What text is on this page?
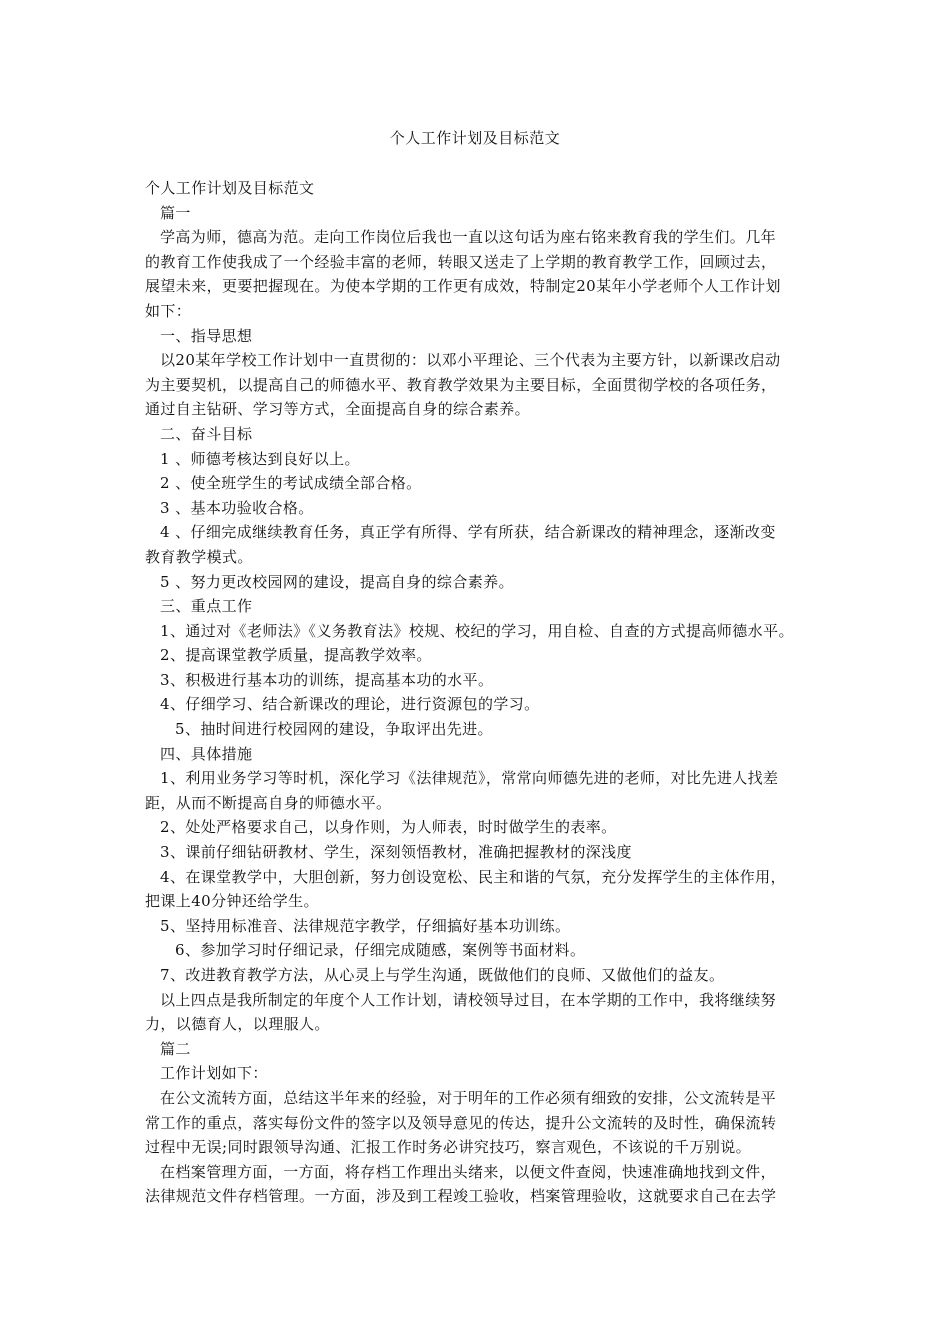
个人工作计划及目标范文
个人工作计划及目标范文
篇一
学高为师，德高为范。走向工作岗位后我也一直以这句话为座右铭来教育我的学生们。几年
的教育工作使我成了一个经验丰富的老师，转眼又送走了上学期的教育教学工作，回顾过去，
展望未来，更要把握现在。为使本学期的工作更有成效，特制定20某年小学老师个人工作计划
如下：
一、指导思想
以20某年学校工作计划中一直贯彻的：以邓小平理论、三个代表为主要方针，以新课改启动
为主要契机，以提高自己的师德水平、教育教学效果为主要目标，全面贯彻学校的各项任务，
通过自主钻研、学习等方式，全面提高自身的综合素养。
二、奋斗目标
1 、师德考核达到良好以上。
2 、使全班学生的考试成绩全部合格。
3 、基本功验收合格。
4 、仔细完成继续教育任务，真正学有所得、学有所获，结合新课改的精神理念，逐渐改变
教育教学模式。
5 、努力更改校园网的建设，提高自身的综合素养。
三、重点工作
1、通过对《老师法》《义务教育法》校规、校纪的学习，用自检、自查的方式提高师德水平。
2、提高课堂教学质量，提高教学效率。
3、积极进行基本功的训练，提高基本功的水平。
4、仔细学习、结合新课改的理论，进行资源包的学习。
5、抽时间进行校园网的建设，争取评出先进。
四、具体措施
1、利用业务学习等时机，深化学习《法律规范》，常常向师德先进的老师，对比先进人找差
距，从而不断提高自身的师德水平。
2、处处严格要求自己，以身作则，为人师表，时时做学生的表率。
3、课前仔细钻研教材、学生，深刻领悟教材，准确把握教材的深浅度
4、在课堂教学中，大胆创新，努力创设宽松、民主和谐的气氛，充分发挥学生的主体作用，
把课上40分钟还给学生。
5、坚持用标准音、法律规范字教学，仔细搞好基本功训练。
6、参加学习时仔细记录，仔细完成随感，案例等书面材料。
7、改进教育教学方法，从心灵上与学生沟通，既做他们的良师、又做他们的益友。
以上四点是我所制定的年度个人工作计划，请校领导过目，在本学期的工作中，我将继续努
力，以德育人，以理服人。
篇二
工作计划如下：
在公文流转方面，总结这半年来的经验，对于明年的工作必须有细致的安排，公文流转是平
常工作的重点，落实每份文件的签字以及领导意见的传达，提升公文流转的及时性，确保流转
过程中无误;同时跟领导沟通、汇报工作时务必讲究技巧，察言观色，不该说的千万别说。
在档案管理方面，一方面，将存档工作理出头绪来，以便文件查阅，快速准确地找到文件，
法律规范文件存档管理。一方面，涉及到工程竣工验收，档案管理验收，这就要求自己在去学
